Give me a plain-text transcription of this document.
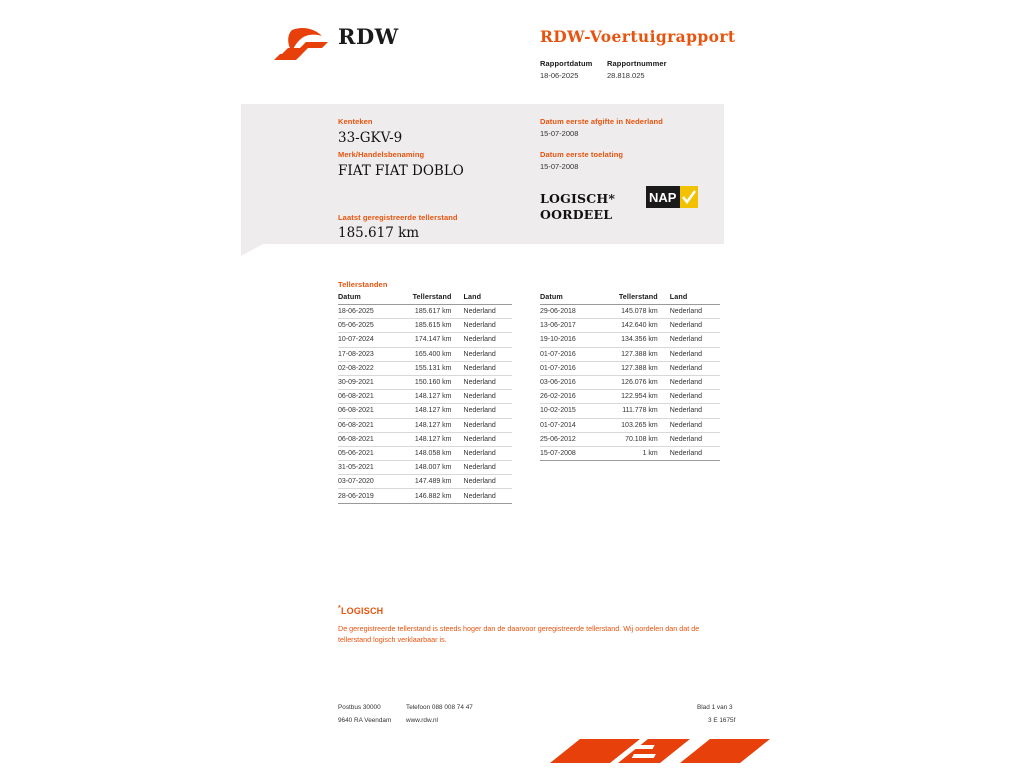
RDW	RDW-Voertuigrapport
Rapportdatum
18-06-2025
Rapportnummer
28.818.025
Kenteken
33-GKV-9
Merk/Handelsbenaming
FIAT FIAT DOBLO
Laatst geregistreerde tellerstand
185.617 km
Datum eerste afgifte in Nederland
15-07-2008
Datum eerste toelating
15-07-2008
LOGISCH*
OORDEEL
NAP
Tellerstanden
Datum	Tellerstand	Land
18-06-2025	185.617 km	Nederland
05-06-2025	185.615 km	Nederland
10-07-2024	174.147 km	Nederland
17-08-2023	165.400 km	Nederland
02-08-2022	155.131 km	Nederland
30-09-2021	150.160 km	Nederland
06-08-2021	148.127 km	Nederland
06-08-2021	148.127 km	Nederland
06-08-2021	148.127 km	Nederland
06-08-2021	148.127 km	Nederland
05-06-2021	148.058 km	Nederland
31-05-2021	148.007 km	Nederland
03-07-2020	147.489 km	Nederland
28-06-2019	146.882 km	Nederland
Datum	Tellerstand	Land
29-06-2018	145.078 km	Nederland
13-06-2017	142.640 km	Nederland
19-10-2016	134.356 km	Nederland
01-07-2016	127.388 km	Nederland
01-07-2016	127.388 km	Nederland
03-06-2016	126.076 km	Nederland
26-02-2016	122.954 km	Nederland
10-02-2015	111.778 km	Nederland
01-07-2014	103.265 km	Nederland
25-06-2012	70.108 km	Nederland
15-07-2008	1 km	Nederland
*LOGISCH
De geregistreerde tellerstand is steeds hoger dan de daarvoor geregistreerde tellerstand. Wij oordelen dan dat de tellerstand logisch verklaarbaar is.
Postbus 30000
9640 RA Veendam
Telefoon 088 008 74 47
www.rdw.nl
Blad 1 van 3
3 E 1675f
